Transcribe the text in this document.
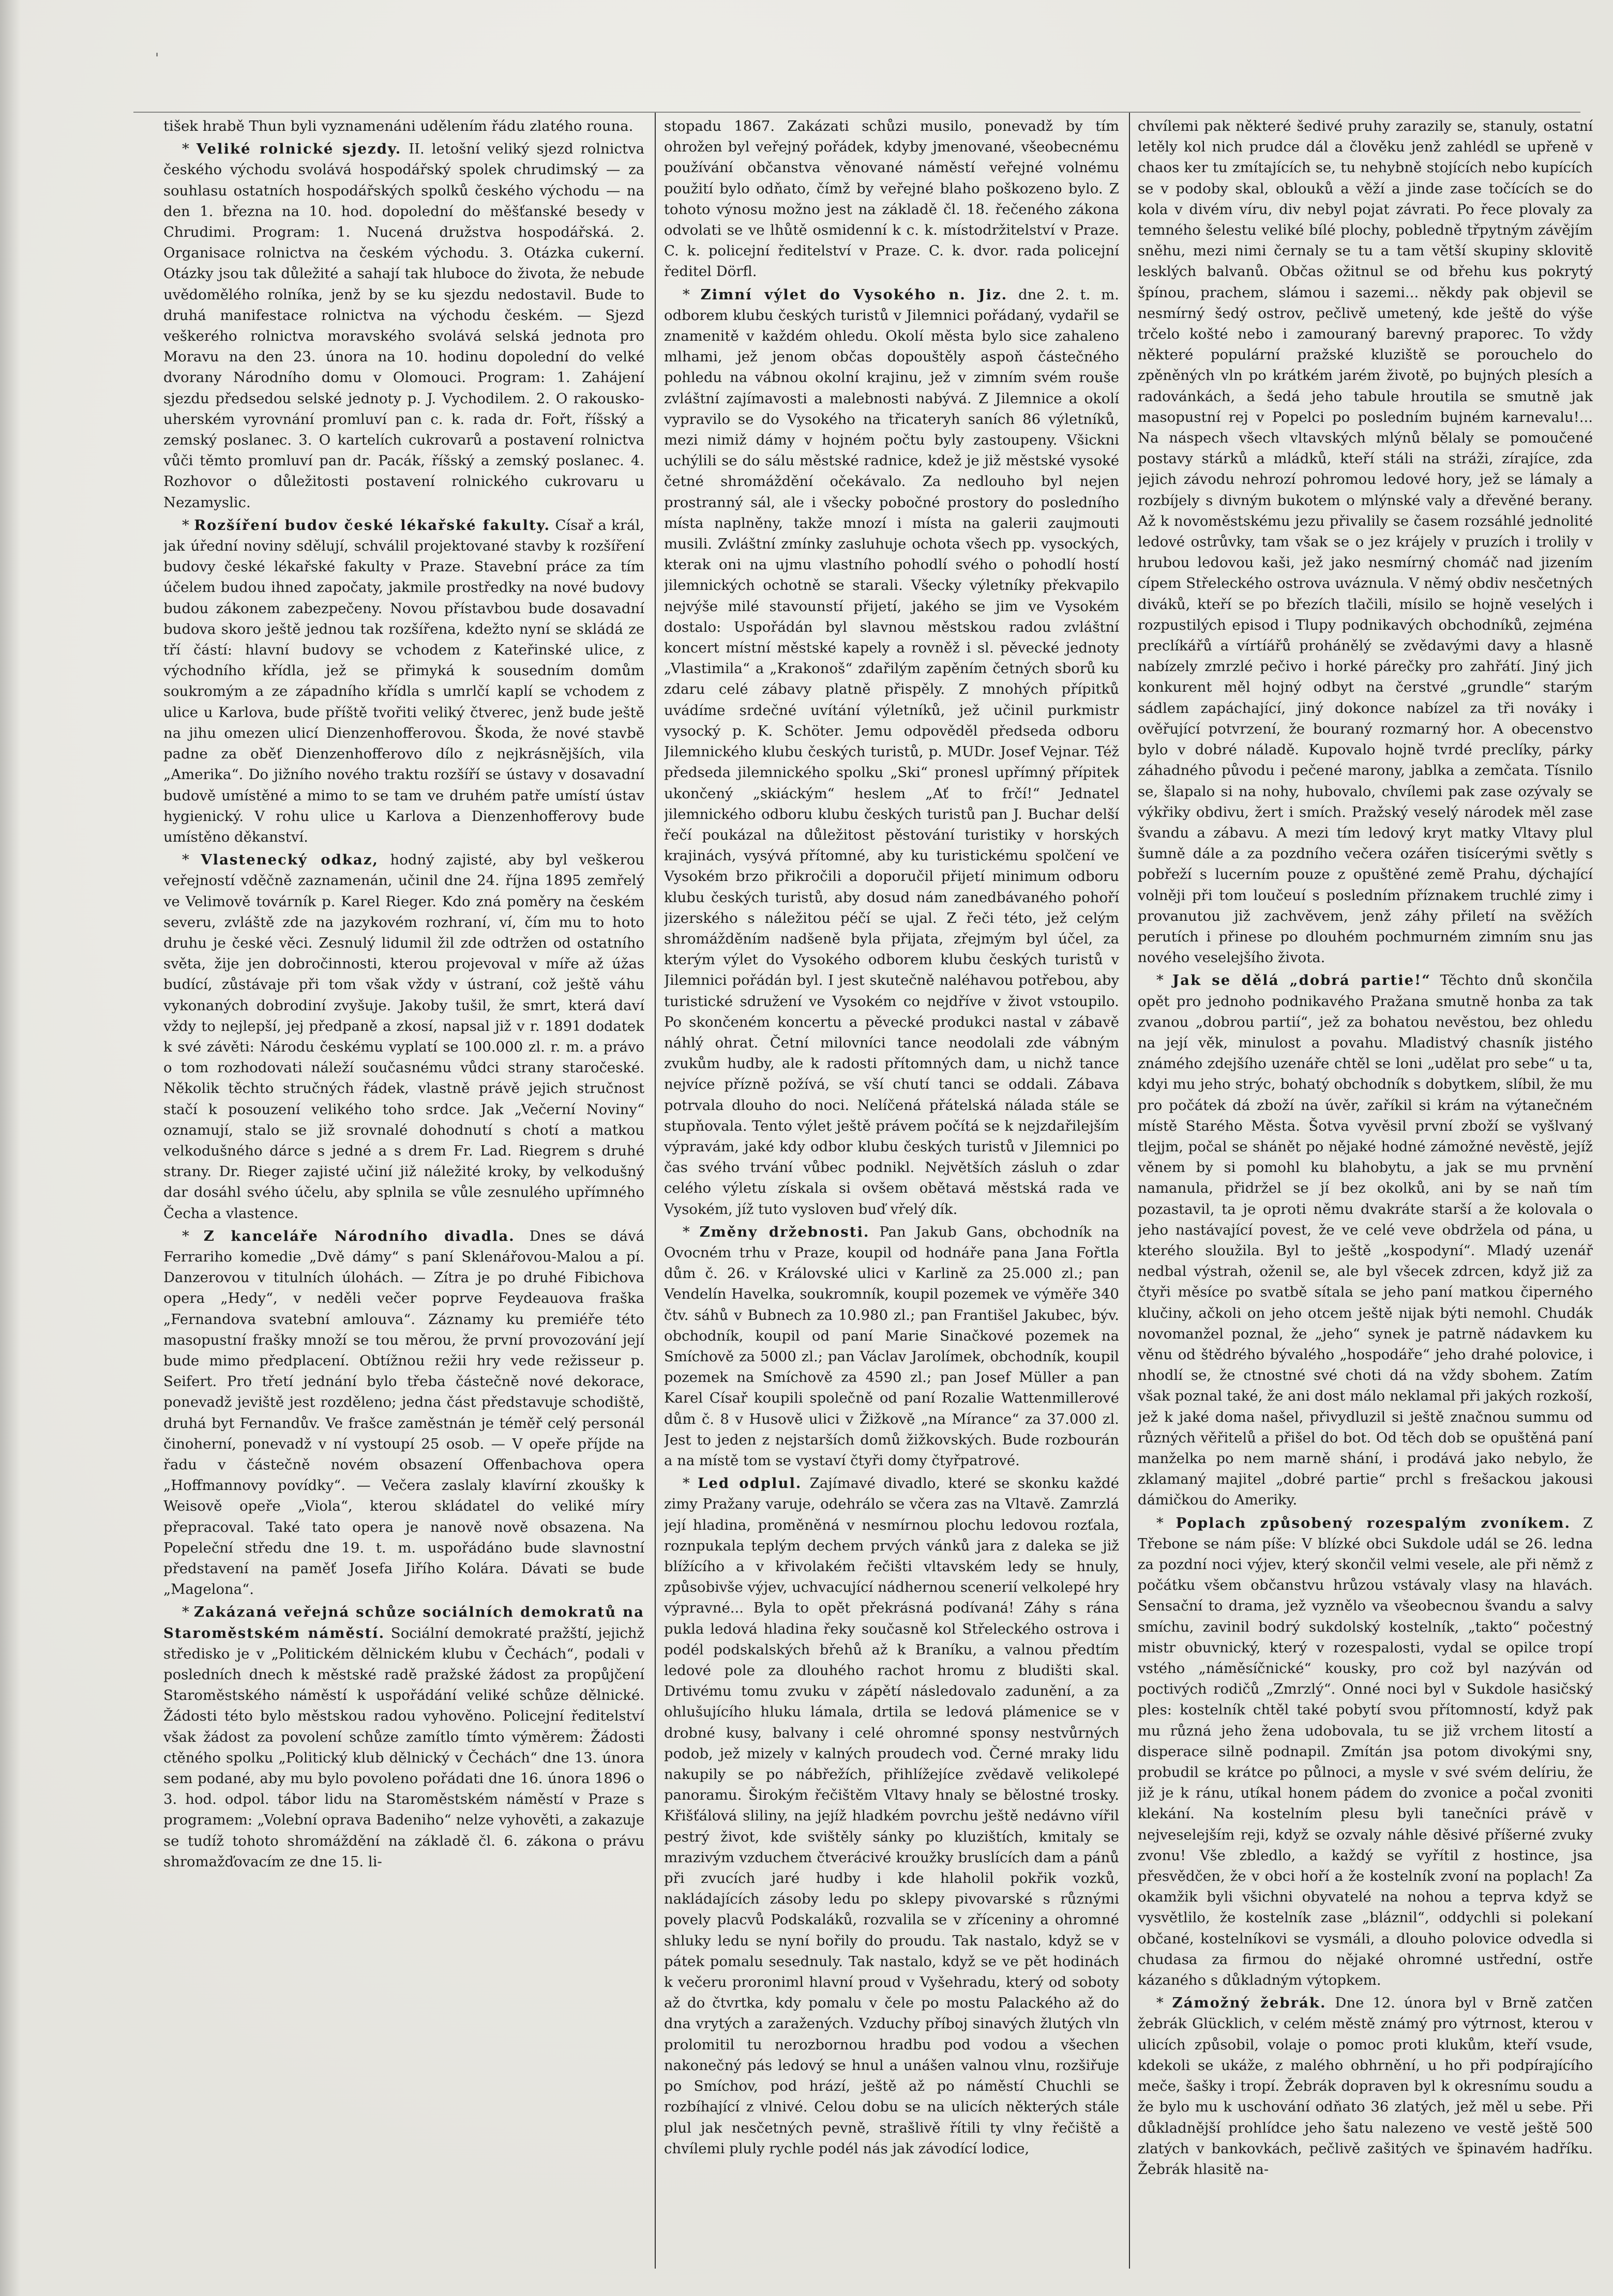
'

tišek hrabě Thun byli vyznamenáni udělením řádu zlatého rouna.

* Veliké rolnické sjezdy. II. letošní veliký sjezd rolnictva českého východu svolává hospodářský spolek chrudimský — za souhlasu ostatních hospodářských spolků českého východu — na den 1. března na 10. hod. dopolední do měšťanské besedy v Chrudimi. Program: 1. Nucená družstva hospodářská. 2. Organisace rolnictva na českém východu. 3. Otázka cukerní. Otázky jsou tak důležité a sahají tak hluboce do života, že nebude uvědomělého rolníka, jenž by se ku sjezdu nedostavil. Bude to druhá manifestace rolnictva na východu českém. — Sjezd veškerého rolnictva moravského svolává selská jednota pro Moravu na den 23. února na 10. hodinu dopolední do velké dvorany Národního domu v Olomouci. Program: 1. Zahájení sjezdu předsedou selské jednoty p. J. Vychodilem. 2. O rakousko-uherském vyrovnání promluví pan c. k. rada dr. Fořt, říšský a zemský poslanec. 3. O kartelích cukrovarů a postavení rolnictva vůči těmto promluví pan dr. Pacák, říšský a zemský poslanec. 4. Rozhovor o důležitosti postavení rolnického cukrovaru u Nezamyslic.

* Rozšíření budov české lékařské fakulty. Císař a král, jak úřední noviny sdělují, schválil projektované stavby k rozšíření budovy české lékařské fakulty v Praze. Stavební práce za tím účelem budou ihned započaty, jakmile prostředky na nové budovy budou zákonem zabezpečeny. Novou přístavbou bude dosavadní budova skoro ještě jednou tak rozšířena, kdežto nyní se skládá ze tří částí: hlavní budovy se vchodem z Kateřinské ulice, z východního křídla, jež se přimyká k sousedním domům soukromým a ze západního křídla s umrlčí kaplí se vchodem z ulice u Karlova, bude příště tvořiti veliký čtverec, jenž bude ještě na jihu omezen ulicí Dienzenhofferovou. Škoda, že nové stavbě padne za oběť Dienzenhofferovo dílo z nejkrásnějších, vila „Amerika“. Do jižního nového traktu rozšíří se ústavy v dosavadní budově umístěné a mimo to se tam ve druhém patře umístí ústav hygienický. V rohu ulice u Karlova a Dienzenhofferovy bude umístěno děkanství.

* Vlastenecký odkaz, hodný zajisté, aby byl veškerou veřejností vděčně zaznamenán, učinil dne 24. října 1895 zemřelý ve Velimově továrník p. Karel Rieger. Kdo zná poměry na českém severu, zvláště zde na jazykovém rozhraní, ví, čím mu to hoto druhu je české věci. Zesnulý lidumil žil zde odtržen od ostatního světa, žije jen dobročinnosti, kterou projevoval v míře až úžas budící, zůstávaje při tom však vždy v ústraní, což ještě váhu vykonaných dobrodiní zvyšuje. Jakoby tušil, že smrt, která daví vždy to nejlepší, jej předpaně a zkosí, napsal již v r. 1891 dodatek k své závěti: Národu českému vyplatí se 100.000 zl. r. m. a právo o tom rozhodovati náleží současnému vůdci strany staročeské. Několik těchto stručných řádek, vlastně právě jejich stručnost stačí k posouzení velikého toho srdce. Jak „Večerní Noviny“ oznamují, stalo se již srovnalé dohodnutí s chotí a matkou velkodušného dárce s jedné a s drem Fr. Lad. Riegrem s druhé strany. Dr. Rieger zajisté učiní již náležité kroky, by velkodušný dar dosáhl svého účelu, aby splnila se vůle zesnulého upřímného Čecha a vlastence.

* Z kanceláře Národního divadla. Dnes se dává Ferrariho komedie „Dvě dámy“ s paní Sklenářovou-Malou a pí. Danzerovou v titulních úlohách. — Zítra je po druhé Fibichova opera „Hedy“, v neděli večer poprve Feydeauova fraška „Fernandova svatební amlouva“. Záznamy ku premiéře této masopustní frašky množí se tou měrou, že první provozování její bude mimo předplacení. Obtížnou režii hry vede režisseur p. Seifert. Pro třetí jednání bylo třeba částečně nové dekorace, ponevadž jeviště jest rozděleno; jedna část představuje schodiště, druhá byt Fernandův. Ve frašce zaměstnán je téměř celý personál činoherní, ponevadž v ní vystoupí 25 osob. — V opeře příjde na řadu v částečně novém obsazení Offenbachova opera „Hoffmannovy povídky“. — Večera zaslaly klavírní zkoušky k Weisově opeře „Viola“, kterou skládatel do veliké míry přepracoval. Také tato opera je nanově nově obsazena. Na Popeleční středu dne 19. t. m. uspořádáno bude slavnostní představení na paměť Josefa Jiřího Kolára. Dávati se bude „Magelona“.

* Zakázaná veřejná schůze sociálních demokratů na Staroměstském náměstí. Sociální demokraté pražští, jejichž středisko je v „Politickém dělnickém klubu v Čechách“, podali v posledních dnech k městské radě pražské žádost za propůjčení Staroměstského náměstí k uspořádání veliké schůze dělnické. Žádosti této bylo městskou radou vyhověno. Policejní ředitelství však žádost za povolení schůze zamítlo tímto výměrem: Žádosti ctěného spolku „Politický klub dělnický v Čechách“ dne 13. února sem podané, aby mu bylo povoleno pořádati dne 16. února 1896 o 3. hod. odpol. tábor lidu na Staroměstském náměstí v Praze s programem: „Volební oprava Badeniho“ nelze vyhověti, a zakazuje se tudíž tohoto shromáždění na základě čl. 6. zákona o právu shromažďovacím ze dne 15. li-

stopadu 1867. Zakázati schůzi musilo, ponevadž by tím ohrožen byl veřejný pořádek, kdyby jmenované, všeobecnému používání občanstva věnované náměstí veřejné volnému použití bylo odňato, čímž by veřejné blaho poškozeno bylo. Z tohoto výnosu možno jest na základě čl. 18. řečeného zákona odvolati se ve lhůtě osmidenní k c. k. místodržitelství v Praze. C. k. policejní ředitelství v Praze. C. k. dvor. rada policejní ředitel Dörfl.

* Zimní výlet do Vysokého n. Jiz. dne 2. t. m. odborem klubu českých turistů v Jilemnici pořádaný, vydařil se znamenitě v každém ohledu. Okolí města bylo sice zahaleno mlhami, jež jenom občas dopouštěly aspoň částečného pohledu na vábnou okolní krajinu, jež v zimním svém rouše zvláštní zajímavosti a malebnosti nabývá. Z Jilemnice a okolí vypravilo se do Vysokého na třicateryh saních 86 výletníků, mezi nimiž dámy v hojném počtu byly zastoupeny. Všickni uchýlili se do sálu městské radnice, kdež je již městské vysoké četné shromáždění očekávalo. Za nedlouho byl nejen prostranný sál, ale i všecky pobočné prostory do posledního místa naplněny, takže mnozí i místa na galerii zaujmouti musili. Zvláštní zmínky zasluhuje ochota všech pp. vysockých, kterak oni na ujmu vlastního pohodlí svého o pohodlí hostí jilemnických ochotně se starali. Všecky výletníky překvapilo nejvýše milé stavounstí přijetí, jakého se jim ve Vysokém dostalo: Uspořádán byl slavnou městskou radou zvláštní koncert místní městské kapely a rovněž i sl. pěvecké jednoty „Vlastimila“ a „Krakonoš“ zdařilým zapěním četných sborů ku zdaru celé zábavy platně přispěly. Z mnohých přípitků uvádíme srdečné uvítání výletníků, jež učinil purkmistr vysocký p. K. Schöter. Jemu odpověděl předseda odboru Jilemnického klubu českých turistů, p. MUDr. Josef Vejnar. Též předseda jilemnického spolku „Ski“ pronesl upřímný přípitek ukončený „skiáckým“ heslem „Ať to frčí!“ Jednatel jilemnického odboru klubu českých turistů pan J. Buchar delší řečí poukázal na důležitost pěstování turistiky v horských krajinách, vysývá přítomné, aby ku turistickému spolčení ve Vysokém brzo přikročili a doporučil přijetí minimum odboru klubu českých turistů, aby dosud nám zanedbávaného pohoří jizerského s náležitou péčí se ujal. Z řeči této, jež celým shromážděním nadšeně byla přijata, zřejmým byl účel, za kterým výlet do Vysokého odborem klubu českých turistů v Jilemnici pořádán byl. I jest skutečně naléhavou potřebou, aby turistické sdružení ve Vysokém co nejdříve v život vstoupilo. Po skončeném koncertu a pěvecké produkci nastal v zábavě náhlý ohrat. Četní milovníci tance neodolali zde vábným zvukům hudby, ale k radosti přítomných dam, u nichž tance nejvíce přízně požívá, se vší chutí tanci se oddali. Zábava potrvala dlouho do noci. Nelíčená přátelská nálada stále se stupňovala. Tento výlet ještě právem počítá se k nejzdařilejším výpravám, jaké kdy odbor klubu českých turistů v Jilemnici po čas svého trvání vůbec podnikl. Největších zásluh o zdar celého výletu získala si ovšem obětavá městská rada ve Vysokém, jíž tuto vysloven buď vřelý dík.

* Změny držebnosti. Pan Jakub Gans, obchodník na Ovocném trhu v Praze, koupil od hodnáře pana Jana Fořtla dům č. 26. v Královské ulici v Karlině za 25.000 zl.; pan Vendelín Havelka, soukromník, koupil pozemek ve výměře 340 čtv. sáhů v Bubnech za 10.980 zl.; pan Františel Jakubec, býv. obchodník, koupil od paní Marie Sinačkové pozemek na Smíchově za 5000 zl.; pan Václav Jarolímek, obchodník, koupil pozemek na Smíchově za 4590 zl.; pan Josef Müller a pan Karel Císař koupili společně od paní Rozalie Wattenmillerové dům č. 8 v Husově ulici v Žižkově „na Mírance“ za 37.000 zl. Jest to jeden z nejstarších domů žižkovských. Bude rozbourán a na místě tom se vystaví čtyři domy čtyřpatrové.

* Led odplul. Zajímavé divadlo, které se skonku každé zimy Pražany varuje, odehrálo se včera zas na Vltavě. Zamrzlá její hladina, proměněná v nesmírnou plochu ledovou rozťala, roznpukala teplým dechem prvých vánků jara z daleka se již blížícího a v křivolakém řečišti vltavském ledy se hnuly, způsobivše výjev, uchvacující nádhernou scenerií velkolepé hry výpravné... Byla to opět překrásná podívaná! Záhy s rána pukla ledová hladina řeky současně kol Střeleckého ostrova i podél podskalských břehů až k Braníku, a valnou předtím ledové pole za dlouhého rachot hromu z bludišti skal. Drtivému tomu zvuku v zápětí následovalo zadunění, a za ohlušujícího hluku lámala, drtila se ledová plámenice se v drobné kusy, balvany i celé ohromné sponsy nestvůrných podob, jež mizely v kalných proudech vod. Černé mraky lidu nakupily se po nábřežích, přihlížejíce zvědavě velikolepé panoramu. Širokým řečištěm Vltavy hnaly se bělostné trosky. Křišťálová sliliny, na jejíž hladkém povrchu ještě nedávno vířil pestrý život, kde svištěly sánky po kluzištích, kmitaly se mrazivým vzduchem čtverácivé kroužky bruslících dam a pánů při zvucích jaré hudby i kde hlaholil pokřik vozků, nakládajících zásoby ledu po sklepy pivovarské s různými povely placvů Podskaláků, rozvalila se v zříceniny a ohromné shluky ledu se nyní bořily do proudu. Tak nastalo, když se v pátek pomalu sesednuly. Tak nastalo, když se ve pět hodinách k večeru proroniml hlavní proud v Vyšehradu, který od soboty až do čtvrtka, kdy pomalu v čele po mostu Palackého až do dna vrytých a zaražených. Vzduchy příboj sinavých žlutých vln prolomitil tu nerozbornou hradbu pod vodou a všechen nakonečný pás ledový se hnul a unášen valnou vlnu, rozšiřuje po Smíchov, pod hrází, ještě až po náměstí Chuchli se rozbíhající z vlnivé. Celou dobu se na ulicích některých stále plul jak nesčetných pevně, strašlivě řítili ty vlny řečiště a chvílemi pluly rychle podél nás jak závodící lodice,

chvílemi pak některé šedivé pruhy zarazily se, stanuly, ostatní letěly kol nich prudce dál a člověku jenž zahlédl se upřeně v chaos ker tu zmítajících se, tu nehybně stojících nebo kupících se v podoby skal, oblouků a věží a jinde zase točících se do kola v divém víru, div nebyl pojat závrati. Po řece plovaly za temného šelestu veliké bílé plochy, pobledně třpytným závějím sněhu, mezi nimi černaly se tu a tam větší skupiny sklovitě lesklých balvanů. Občas ožitnul se od břehu kus pokrytý špínou, prachem, slámou i sazemi... někdy pak objevil se nesmírný šedý ostrov, pečlivě umetený, kde ještě do výše trčelo košté nebo i zamouraný barevný praporec. To vždy některé populární pražské kluziště se porouchelo do zpěněných vln po krátkém jarém životě, po bujných plesích a radovánkách, a šedá jeho tabule hroutila se smutně jak masopustní rej v Popelci po posledním bujném karnevalu!... Na náspech všech vltavských mlýnů bělaly se pomoučené postavy stárků a mládků, kteří stáli na stráži, zírajíce, zda jejich závodu nehrozí pohromou ledové hory, jež se lámaly a rozbíjely s divným bukotem o mlýnské valy a dřevěné berany. Až k novoměstskému jezu přivalily se časem rozsáhlé jednolité ledové ostrůvky, tam však se o jez krájely v pruzích i trolily v hrubou ledovou kaši, jež jako nesmírný chomáč nad jizením cípem Střeleckého ostrova uváznula. V němý obdiv nesčetných diváků, kteří se po březích tlačili, mísilo se hojně veselých i rozpustilých episod i Tlupy podnikavých obchodníků, zejména preclíkářů a vírtíářů prohánělý se zvědavými davy a hlasně nabízely zmrzlé pečivo i horké párečky pro zahřátí. Jiný jich konkurent měl hojný odbyt na čerstvé „grundle“ starým sádlem zapáchající, jiný dokonce nabízel za tři nováky i ověřující potvrzení, že bouraný rozmarný hor. A obecenstvo bylo v dobré náladě. Kupovalo hojně tvrdé preclíky, párky záhadného původu i pečené marony, jablka a zemčata. Tísnilo se, šlapalo si na nohy, hubovalo, chvílemi pak zase ozývaly se výkřiky obdivu, žert i smích. Pražský veselý národek měl zase švandu a zábavu. A mezi tím ledový kryt matky Vltavy plul šumně dále a za pozdního večera ozářen tisícerými světly s pobřeží s lucerním pouze z opuštěné země Prahu, dýchající volněji při tom loučeuí s posledním příznakem truchlé zimy i provanutou již zachvěvem, jenž záhy přiletí na svěžích perutích i přinese po dlouhém pochmurném zimním snu jas nového veselejšího života.

* Jak se dělá „dobrá partie!“ Těchto dnů skončila opět pro jednoho podnikavého Pražana smutně honba za tak zvanou „dobrou partií“, jež za bohatou nevěstou, bez ohledu na její věk, minulost a povahu. Mladistvý chasník jistého známého zdejšího uzenáře chtěl se loni „udělat pro sebe“ u ta, kdyi mu jeho strýc, bohatý obchodník s dobytkem, slíbil, že mu pro počátek dá zboží na úvěr, zaříkil si krám na výtanečném místě Starého Města. Šotva vyvěsil první zboží se vyšlvaný tlejjm, počal se shánět po nějaké hodné zámožné nevěstě, jejíž věnem by si pomohl ku blahobytu, a jak se mu prvnění namanula, přidržel se jí bez okolků, ani by se naň tím pozastavil, ta je oproti němu dvakráte starší a že kolovala o jeho nastávající povest, že ve celé veve obdržela od pána, u kterého sloužila. Byl to ještě „kospodyní“. Mladý uzenář nedbal výstrah, oženil se, ale byl všecek zdrcen, když již za čtyři měsíce po svatbě sítala se jeho paní matkou čiperného klučiny, ačkoli on jeho otcem ještě nijak býti nemohl. Chudák novomanžel poznal, že „jeho“ synek je patrně nádavkem ku věnu od štědrého bývalého „hospodáře“ jeho drahé polovice, i nhodlí se, že ctnostné své choti dá na vždy sbohem. Zatím však poznal také, že ani dost málo neklamal při jakých rozkoší, jež k jaké doma našel, přivydluzil si ještě značnou summu od různých věřitelů a přišel do bot. Od těch dob se opuštěná paní manželka po nem marně shání, i prodává jako nebylo, že zklamaný majitel „dobré partie“ prchl s frešackou jakousi dámičkou do Ameriky.

* Poplach způsobený rozespalým zvoníkem. Z Třebone se nám píše: V blízké obci Sukdole udál se 26. ledna za pozdní noci výjev, který skončil velmi vesele, ale při němž z počátku všem občanstvu hrůzou vstávaly vlasy na hlavách. Sensační to drama, jež vyznělo va všeobecnou švandu a salvy smíchu, zavinil bodrý sukdolský kostelník, „takto“ počestný mistr obuvnický, který v rozespalosti, vydal se opilce tropí vstého „náměsíčnické“ kousky, pro což byl nazýván od poctivých rodičů „Zmrzlý“. Onné noci byl v Sukdole hasičský ples: kostelník chtěl také pobytí svou přítomností, když pak mu různá jeho žena udobovala, tu se již vrchem litostí a disperace silně podnapil. Zmítán jsa potom divokými sny, probudil se krátce po půlnoci, a mysle v své svém delíriu, že již je k ránu, utíkal honem pádem do zvonice a počal zvoniti klekání. Na kostelním plesu byli tanečníci právě v nejveselejším reji, když se ozvaly náhle děsivé příšerné zvuky zvonu! Vše zbledlo, a každý se vyřítil z hostince, jsa přesvědčen, že v obci hoří a že kostelník zvoní na poplach! Za okamžik byli všichni obyvatelé na nohou a teprva když se vysvětlilo, že kostelník zase „bláznil“, oddychli si polekaní občané, kostelníkovi se vysmáli, a dlouho polovice odvedla si chudasa za firmou do nějaké ohromné ustřední, ostře kázaného s důkladným výtopkem.

* Zámožný žebrák. Dne 12. února byl v Brně zatčen žebrák Glücklich, v celém městě známý pro výtrnost, kterou v ulicích způsobil, volaje o pomoc proti klukům, kteří vsude, kdekoli se ukáže, z malého obhrnění, u ho při podpírajícího meče, šašky i tropí. Žebrák dopraven byl k okresnímu soudu a že bylo mu k uschování odňato 36 zlatých, jež měl u sebe. Při důkladnější prohlídce jeho šatu nalezeno ve vestě ještě 500 zlatých v bankovkách, pečlivě zašitých ve špinavém hadříku. Žebrák hlasitě na-
